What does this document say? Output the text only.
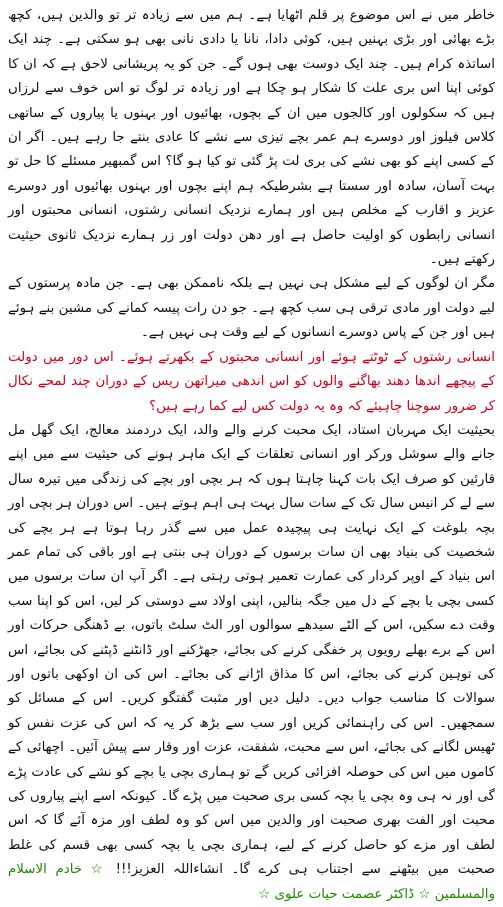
خاطر میں نے اس موضوع پر قلم اٹھایا ہے۔ ہم میں سے زیادہ تر تو والدین ہیں، کچھ بڑے بھائی اور بڑی بہنیں ہیں، کوئی دادا، نانا یا دادی نانی بھی ہو سکتی ہے۔ چند ایک اساتذہ کرام ہیں۔ چند ایک دوست بھی ہوں گے۔ جن کو یہ پریشانی لاحق ہے کہ ان کا کوئی اپنا اس بری علت کا شکار ہو چکا ہے اور زیادہ تر لوگ تو اس خوف سے لرزاں ہیں کہ سکولوں اور کالجوں میں ان کے بچوں، بھائیوں اور بہنوں یا پیاروں کے ساتھی کلاس فیلوز اور دوسرے ہم عمر بچے تیزی سے نشے کا عادی بنتے جا رہے ہیں۔ اگر ان کے کسی اپنے کو بھی نشے کی بری لت پڑ گئی تو کیا ہو گا؟ اس گمبھیر مسئلے کا حل تو بہت آسان، سادہ اور سستا ہے بشرطیکہ ہم اپنے بچوں اور بہنوں بھائیوں اور دوسرے عزیز و اقارب کے مخلص ہیں اور ہمارے نزدیک انسانی رشتوں، انسانی محبتوں اور انسانی رابطوں کو اولیت حاصل ہے اور دھن دولت اور زر ہمارے نزدیک ثانوی حیثیت رکھتے ہیں۔

مگر ان لوگوں کے لیے مشکل ہی نہیں ہے بلکہ ناممکن بھی ہے۔ جن مادہ پرستوں کے لیے دولت اور مادی ترقی ہی سب کچھ ہے۔ جو دن رات پیسہ کمانے کی مشین بنے ہوئے ہیں اور جن کے پاس دوسرے انسانوں کے لیے وقت ہی نہیں ہے۔

انسانی رشتوں کے ٹوٹتے ہوئے اور انسانی محبتوں کے بکھرتے ہوئے۔ اس دور میں دولت کے پیچھے اندھا دھند بھاگنے والوں کو اس اندھی میراتھن ریس کے دوران چند لمحے نکال کر ضرور سوچنا چاہیئے کہ وہ یہ دولت کس لیے کما رہے ہیں؟

بحیثیت ایک مہربان استاد، ایک محبت کرنے والے والد، ایک دردمند معالج، ایک گھل مل جانے والے سوشل ورکر اور انسانی تعلقات کے ایک ماہر ہونے کی حیثیت سے میں اپنے قارئین کو صرف ایک بات کہنا چاہتا ہوں کہ ہر بچی اور بچے کی زندگی میں تیرہ سال سے لے کر انیس سال تک کے سات سال بہت ہی اہم ہوتے ہیں۔ اس دوران ہر بچی اور بچہ بلوغت کے ایک نہایت ہی پیچیدہ عمل میں سے گذر رہا ہوتا ہے ہر بچے کی شخصیت کی بنیاد بھی ان سات برسوں کے دوران ہی بنتی ہے اور باقی کی تمام عمر اس بنیاد کے اوپر کردار کی عمارت تعمیر ہوتی رہتی ہے۔ اگر آپ ان سات برسوں میں کسی بچی یا بچے کے دل میں جگہ بنالیں، اپنی اولاد سے دوستی کر لیں، اس کو اپنا سب وقت دے سکیں، اس کے الٹے سیدھے سوالوں اور الٹ سلٹ باتوں، بے ڈھنگی حرکات اور اس کے برے بھلے رویوں پر خفگی کرنے کی بجائے، جھڑکنے اور ڈانٹنے ڈپٹنے کی بجائے، اس کی توہین کرنے کی بجائے، اس کا مذاق اڑانے کی بجائے۔ اس کی ان اوکھی باتوں اور سوالات کا مناسب جواب دیں۔ دلیل دیں اور مثبت گفتگو کریں۔ اس کے مسائل کو سمجھیں۔ اس کی راہنمائی کریں اور سب سے بڑھ کر یہ کہ اس کی عزت نفس کو ٹھیس لگانے کی بجائے، اس سے محبت، شفقت، عزت اور وقار سے پیش آئیں۔ اچھائی کے کاموں میں اس کی حوصلہ افزائی کریں گے تو ہماری بچی یا بچے کو نشے کی عادت پڑے گی اور نہ ہی وہ بچی یا بچہ کسی بری صحبت میں پڑے گا۔ کیونکہ اسے اپنے پیاروں کی محبت اور الفت بھری صحبت اور والدین میں اس کو وہ لطف اور مزہ آئے گا کہ اس لطف اور مزے کو حاصل کرنے کے لیے، ہماری بچی یا بچہ کسی بھی قسم کی غلط صحبت میں بیٹھنے سے اجتناب ہی کرے گا۔ انشاءاللہ العزیز!!! ☆ خادم الاسلام والمسلمین ☆ ڈاکٹر عصمت حیات علوی ☆
